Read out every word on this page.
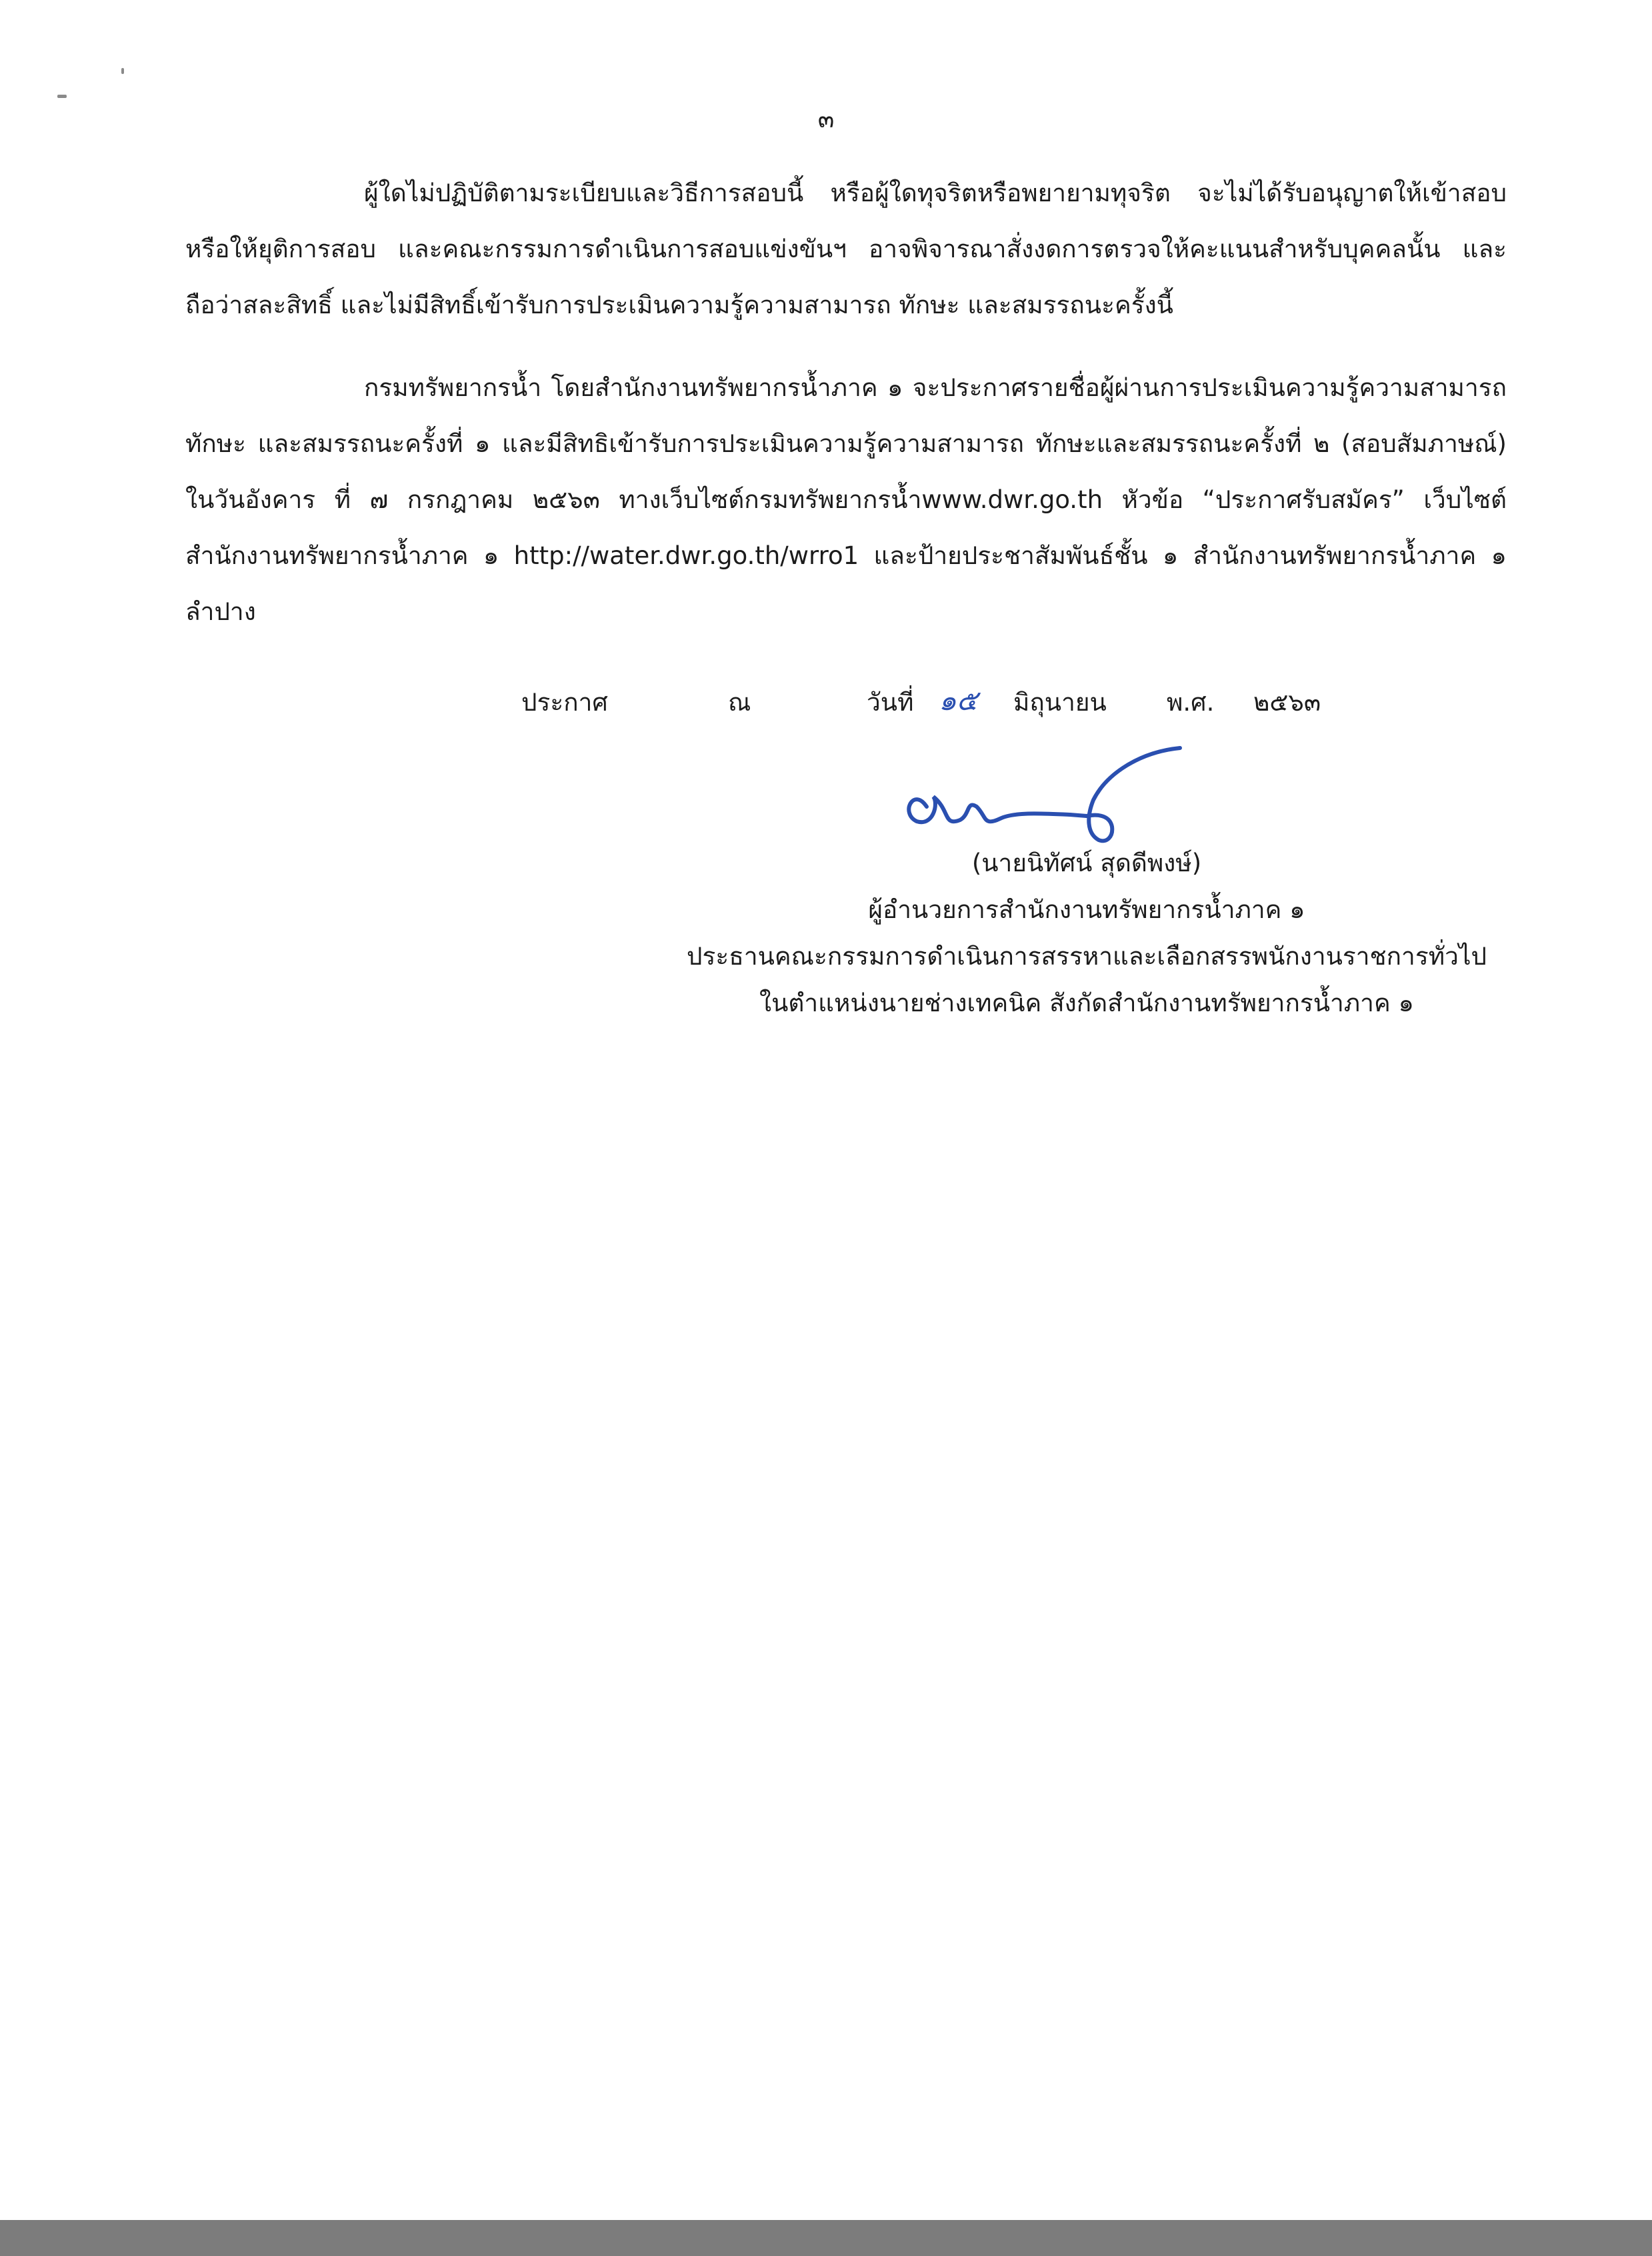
๓
ผู้ใดไม่ปฏิบัติตามระเบียบและวิธีการสอบนี้ หรือผู้ใดทุจริตหรือพยายามทุจริต จะไม่ได้รับอนุญาตให้เข้าสอบ หรือให้ยุติการสอบ และคณะกรรมการดำเนินการสอบแข่งขันฯ อาจพิจารณาสั่งงดการตรวจให้คะแนนสำหรับบุคคลนั้น และถือว่าสละสิทธิ์ และไม่มีสิทธิ์เข้ารับการประเมินความรู้ความสามารถ ทักษะ และสมรรถนะครั้งนี้
กรมทรัพยากรน้ำ โดยสำนักงานทรัพยากรน้ำภาค ๑ จะประกาศรายชื่อผู้ผ่านการประเมินความรู้ความสามารถ ทักษะ และสมรรถนะครั้งที่ ๑ และมีสิทธิเข้ารับการประเมินความรู้ความสามารถ ทักษะและสมรรถนะครั้งที่ ๒ (สอบสัมภาษณ์) ในวันอังคาร ที่ ๗ กรกฎาคม ๒๕๖๓ ทางเว็บไซต์กรมทรัพยากรน้ำwww.dwr.go.th หัวข้อ “ประกาศรับสมัคร” เว็บไซต์สำนักงานทรัพยากรน้ำภาค ๑ http://water.dwr.go.th/wrro1 และป้ายประชาสัมพันธ์ชั้น ๑ สำนักงานทรัพยากรน้ำภาค ๑ ลำปาง
ประกาศ	ณ	วันที่ ๑๕ มิถุนายน พ.ศ. ๒๕๖๓
(นายนิทัศน์ สุดดีพงษ์)
ผู้อำนวยการสำนักงานทรัพยากรน้ำภาค ๑
ประธานคณะกรรมการดำเนินการสรรหาและเลือกสรรพนักงานราชการทั่วไป
ในตำแหน่งนายช่างเทคนิค สังกัดสำนักงานทรัพยากรน้ำภาค ๑
